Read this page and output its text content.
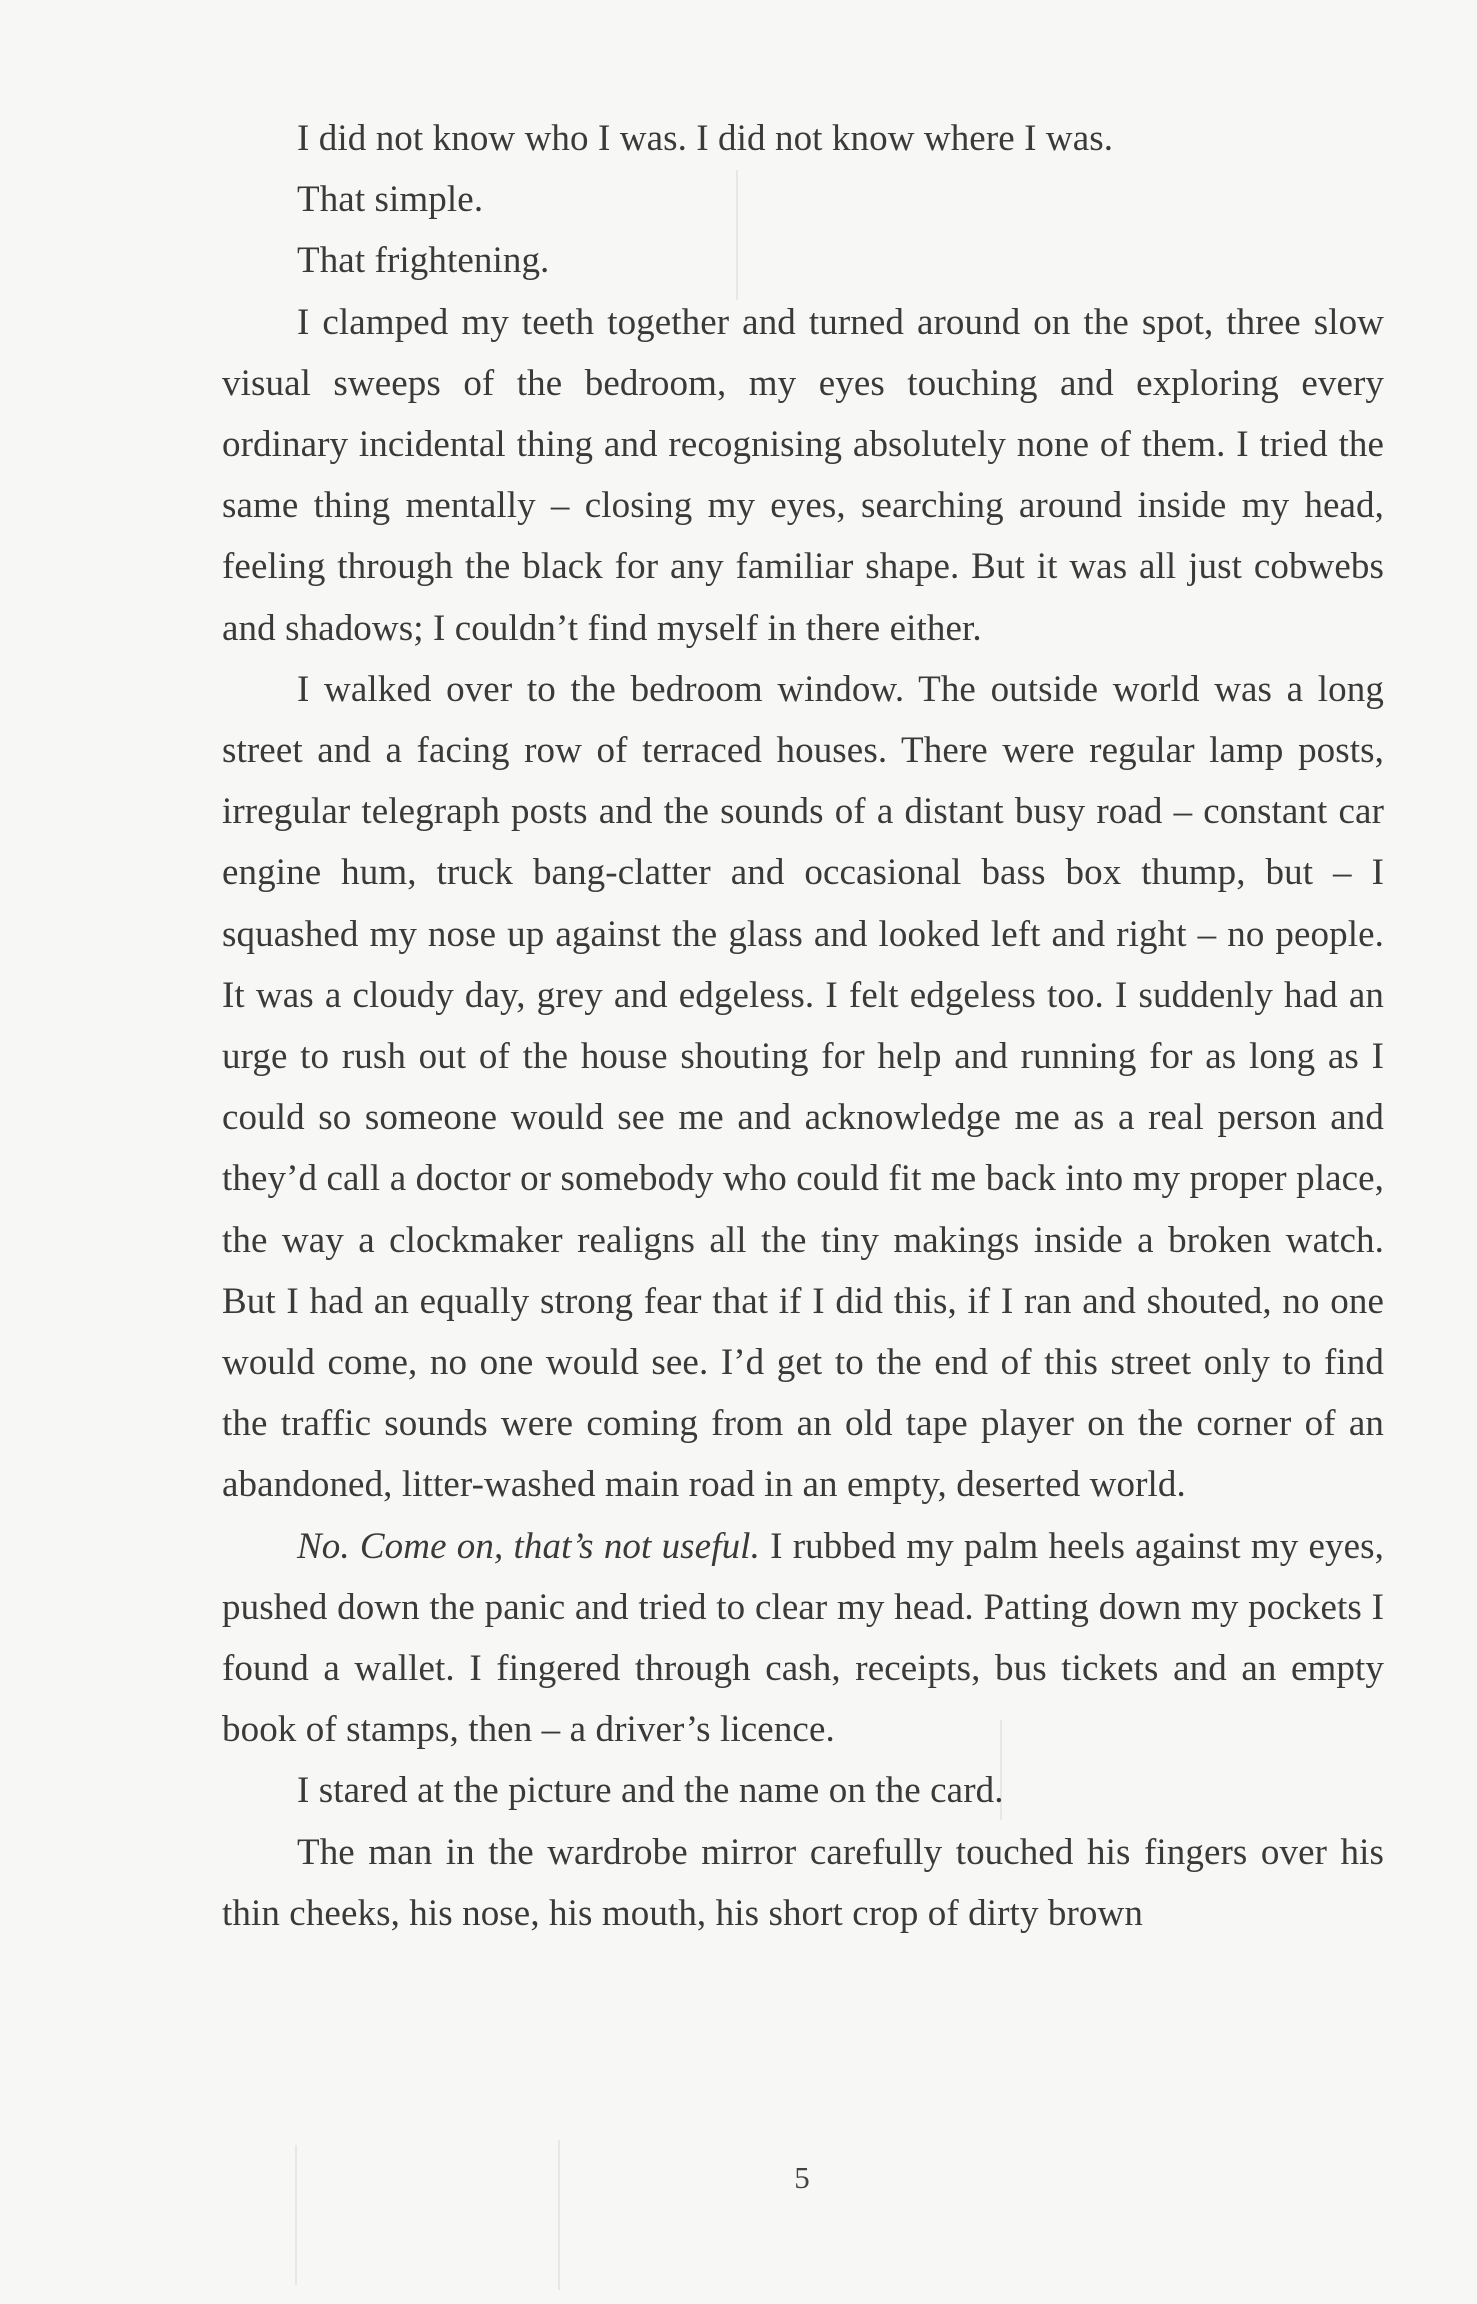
I did not know who I was. I did not know where I was.

That simple.

That frightening.

I clamped my teeth together and turned around on the spot, three slow visual sweeps of the bedroom, my eyes touching and exploring every ordinary incidental thing and recognising absolutely none of them. I tried the same thing mentally – closing my eyes, searching around inside my head, feeling through the black for any familiar shape. But it was all just cobwebs and shadows; I couldn’t find myself in there either.

I walked over to the bedroom window. The outside world was a long street and a facing row of terraced houses. There were regular lamp posts, irregular telegraph posts and the sounds of a distant busy road – constant car engine hum, truck bang-clatter and occasional bass box thump, but – I squashed my nose up against the glass and looked left and right – no people. It was a cloudy day, grey and edgeless. I felt edgeless too. I suddenly had an urge to rush out of the house shouting for help and running for as long as I could so someone would see me and acknowledge me as a real person and they’d call a doctor or somebody who could fit me back into my proper place, the way a clockmaker realigns all the tiny makings inside a broken watch. But I had an equally strong fear that if I did this, if I ran and shouted, no one would come, no one would see. I’d get to the end of this street only to find the traffic sounds were coming from an old tape player on the corner of an abandoned, litter-washed main road in an empty, deserted world.

No. Come on, that’s not useful. I rubbed my palm heels against my eyes, pushed down the panic and tried to clear my head. Patting down my pockets I found a wallet. I fingered through cash, receipts, bus tickets and an empty book of stamps, then – a driver’s licence.

I stared at the picture and the name on the card.

The man in the wardrobe mirror carefully touched his fingers over his thin cheeks, his nose, his mouth, his short crop of dirty brown

5
